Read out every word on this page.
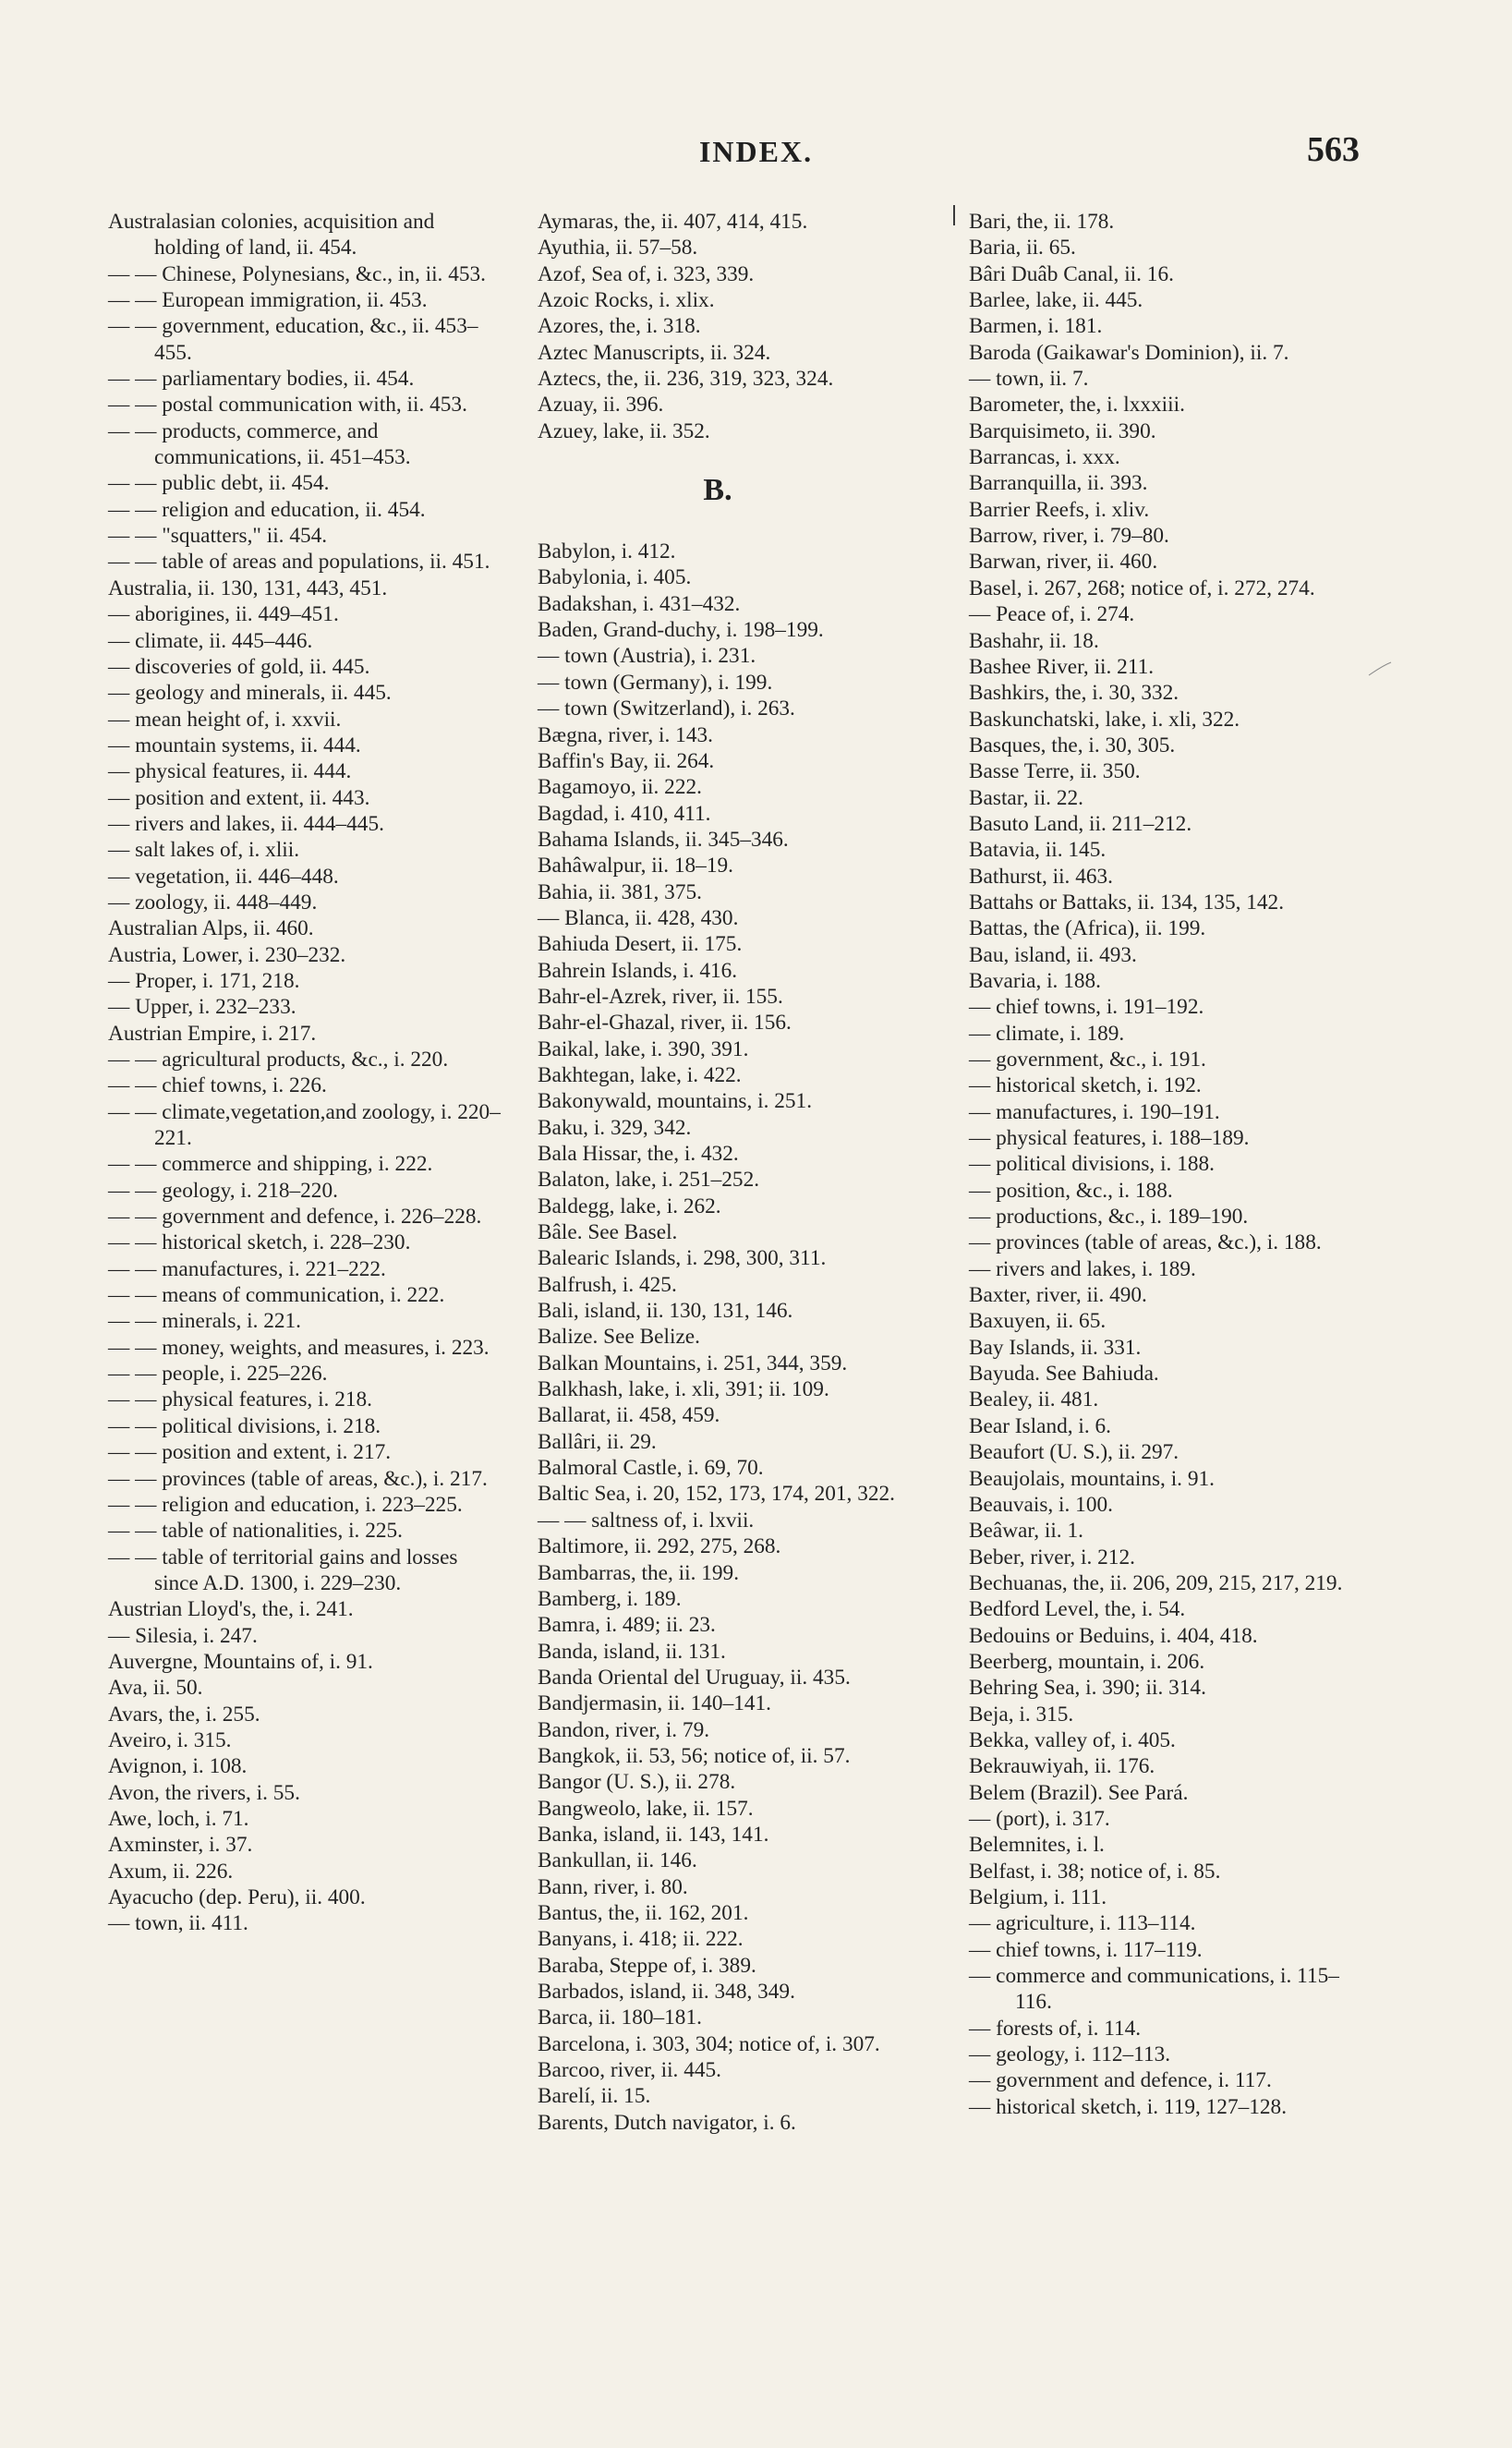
INDEX.	563
Australasian colonies, acquisition and holding of land, ii. 454.
— — Chinese, Polynesians, &c., in, ii. 453.
— — European immigration, ii. 453.
— — government, education, &c., ii. 453–455.
— — parliamentary bodies, ii. 454.
— — postal communication with, ii. 453.
— — products, commerce, and communications, ii. 451–453.
— — public debt, ii. 454.
— — religion and education, ii. 454.
— — "squatters," ii. 454.
— — table of areas and populations, ii. 451.
Australia, ii. 130, 131, 443, 451.
— aborigines, ii. 449–451.
— climate, ii. 445–446.
— discoveries of gold, ii. 445.
— geology and minerals, ii. 445.
— mean height of, i. xxvii.
— mountain systems, ii. 444.
— physical features, ii. 444.
— position and extent, ii. 443.
— rivers and lakes, ii. 444–445.
— salt lakes of, i. xlii.
— vegetation, ii. 446–448.
— zoology, ii. 448–449.
Australian Alps, ii. 460.
Austria, Lower, i. 230–232.
— Proper, i. 171, 218.
— Upper, i. 232–233.
Austrian Empire, i. 217.
— — agricultural products, &c., i. 220.
— — chief towns, i. 226.
— — climate,vegetation,and zoology, i. 220–221.
— — commerce and shipping, i. 222.
— — geology, i. 218–220.
— — government and defence, i. 226–228.
— — historical sketch, i. 228–230.
— — manufactures, i. 221–222.
— — means of communication, i. 222.
— — minerals, i. 221.
— — money, weights, and measures, i. 223.
— — people, i. 225–226.
— — physical features, i. 218.
— — political divisions, i. 218.
— — position and extent, i. 217.
— — provinces (table of areas, &c.), i. 217.
— — religion and education, i. 223–225.
— — table of nationalities, i. 225.
— — table of territorial gains and losses since A.D. 1300, i. 229–230.
Austrian Lloyd's, the, i. 241.
— Silesia, i. 247.
Auvergne, Mountains of, i. 91.
Ava, ii. 50.
Avars, the, i. 255.
Aveiro, i. 315.
Avignon, i. 108.
Avon, the rivers, i. 55.
Awe, loch, i. 71.
Axminster, i. 37.
Axum, ii. 226.
Ayacucho (dep. Peru), ii. 400.
— town, ii. 411.
Aymaras, the, ii. 407, 414, 415.
Ayuthia, ii. 57–58.
Azof, Sea of, i. 323, 339.
Azoic Rocks, i. xlix.
Azores, the, i. 318.
Aztec Manuscripts, ii. 324.
Aztecs, the, ii. 236, 319, 323, 324.
Azuay, ii. 396.
Azuey, lake, ii. 352.
B.
Babylon, i. 412.
Babylonia, i. 405.
Badakshan, i. 431–432.
Baden, Grand-duchy, i. 198–199.
— town (Austria), i. 231.
— town (Germany), i. 199.
— town (Switzerland), i. 263.
Bægna, river, i. 143.
Baffin's Bay, ii. 264.
Bagamoyo, ii. 222.
Bagdad, i. 410, 411.
Bahama Islands, ii. 345–346.
Bahâwalpur, ii. 18–19.
Bahia, ii. 381, 375.
— Blanca, ii. 428, 430.
Bahiuda Desert, ii. 175.
Bahrein Islands, i. 416.
Bahr-el-Azrek, river, ii. 155.
Bahr-el-Ghazal, river, ii. 156.
Baikal, lake, i. 390, 391.
Bakhtegan, lake, i. 422.
Bakonywald, mountains, i. 251.
Baku, i. 329, 342.
Bala Hissar, the, i. 432.
Balaton, lake, i. 251–252.
Baldegg, lake, i. 262.
Bâle. See Basel.
Balearic Islands, i. 298, 300, 311.
Balfrush, i. 425.
Bali, island, ii. 130, 131, 146.
Balize. See Belize.
Balkan Mountains, i. 251, 344, 359.
Balkhash, lake, i. xli, 391; ii. 109.
Ballarat, ii. 458, 459.
Ballâri, ii. 29.
Balmoral Castle, i. 69, 70.
Baltic Sea, i. 20, 152, 173, 174, 201, 322.
— — saltness of, i. lxvii.
Baltimore, ii. 292, 275, 268.
Bambarras, the, ii. 199.
Bamberg, i. 189.
Bamra, i. 489; ii. 23.
Banda, island, ii. 131.
Banda Oriental del Uruguay, ii. 435.
Bandjermasin, ii. 140–141.
Bandon, river, i. 79.
Bangkok, ii. 53, 56; notice of, ii. 57.
Bangor (U. S.), ii. 278.
Bangweolo, lake, ii. 157.
Banka, island, ii. 143, 141.
Bankullan, ii. 146.
Bann, river, i. 80.
Bantus, the, ii. 162, 201.
Banyans, i. 418; ii. 222.
Baraba, Steppe of, i. 389.
Barbados, island, ii. 348, 349.
Barca, ii. 180–181.
Barcelona, i. 303, 304; notice of, i. 307.
Barcoo, river, ii. 445.
Barelí, ii. 15.
Barents, Dutch navigator, i. 6.
Bari, the, ii. 178.
Baria, ii. 65.
Bâri Duâb Canal, ii. 16.
Barlee, lake, ii. 445.
Barmen, i. 181.
Baroda (Gaikawar's Dominion), ii. 7.
— town, ii. 7.
Barometer, the, i. lxxxiii.
Barquisimeto, ii. 390.
Barrancas, i. xxx.
Barranquilla, ii. 393.
Barrier Reefs, i. xliv.
Barrow, river, i. 79–80.
Barwan, river, ii. 460.
Basel, i. 267, 268; notice of, i. 272, 274.
— Peace of, i. 274.
Bashahr, ii. 18.
Bashee River, ii. 211.
Bashkirs, the, i. 30, 332.
Baskunchatski, lake, i. xli, 322.
Basques, the, i. 30, 305.
Basse Terre, ii. 350.
Bastar, ii. 22.
Basuto Land, ii. 211–212.
Batavia, ii. 145.
Bathurst, ii. 463.
Battahs or Battaks, ii. 134, 135, 142.
Battas, the (Africa), ii. 199.
Bau, island, ii. 493.
Bavaria, i. 188.
— chief towns, i. 191–192.
— climate, i. 189.
— government, &c., i. 191.
— historical sketch, i. 192.
— manufactures, i. 190–191.
— physical features, i. 188–189.
— political divisions, i. 188.
— position, &c., i. 188.
— productions, &c., i. 189–190.
— provinces (table of areas, &c.), i. 188.
— rivers and lakes, i. 189.
Baxter, river, ii. 490.
Baxuyen, ii. 65.
Bay Islands, ii. 331.
Bayuda. See Bahiuda.
Bealey, ii. 481.
Bear Island, i. 6.
Beaufort (U. S.), ii. 297.
Beaujolais, mountains, i. 91.
Beauvais, i. 100.
Beâwar, ii. 1.
Beber, river, i. 212.
Bechuanas, the, ii. 206, 209, 215, 217, 219.
Bedford Level, the, i. 54.
Bedouins or Beduins, i. 404, 418.
Beerberg, mountain, i. 206.
Behring Sea, i. 390; ii. 314.
Beja, i. 315.
Bekka, valley of, i. 405.
Bekrauwiyah, ii. 176.
Belem (Brazil). See Pará.
— (port), i. 317.
Belemnites, i. l.
Belfast, i. 38; notice of, i. 85.
Belgium, i. 111.
— agriculture, i. 113–114.
— chief towns, i. 117–119.
— commerce and communications, i. 115–116.
— forests of, i. 114.
— geology, i. 112–113.
— government and defence, i. 117.
— historical sketch, i. 119, 127–128.
